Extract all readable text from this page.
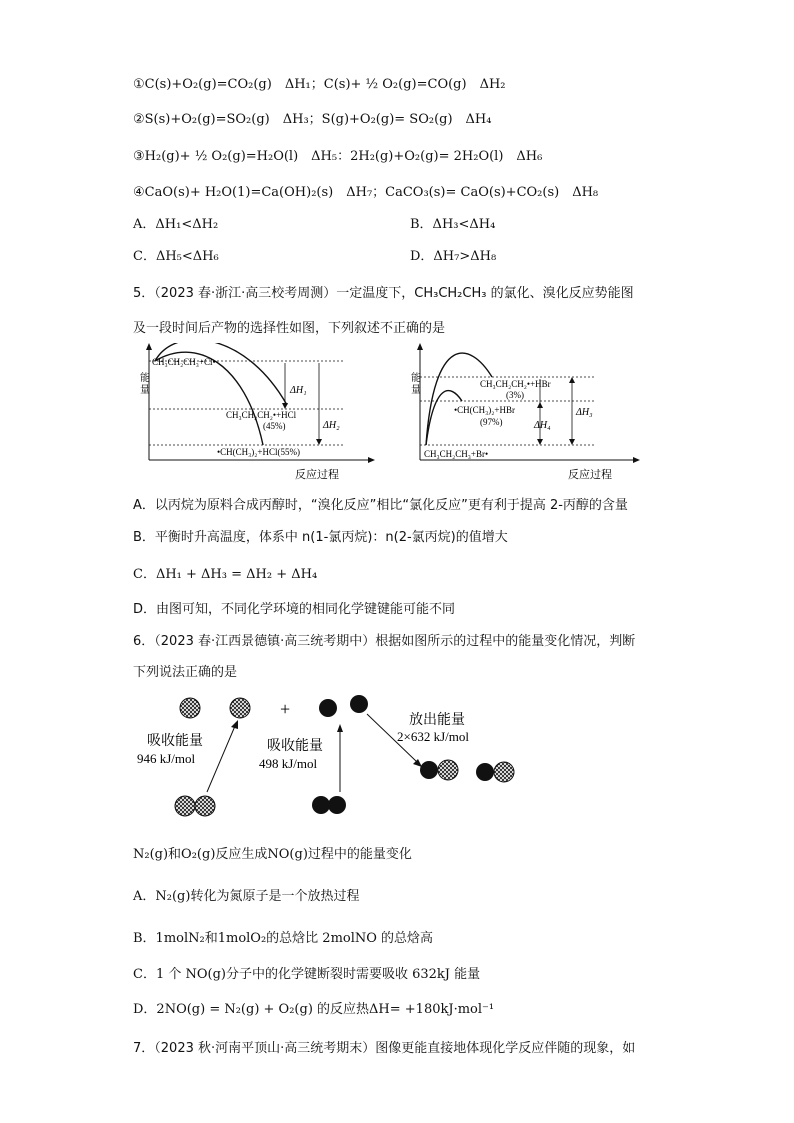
①C(s)+O₂(g)=CO₂(g)　ΔH₁；C(s)+ ½ O₂(g)=CO(g)　ΔH₂
②S(s)+O₂(g)=SO₂(g)　ΔH₃；S(g)+O₂(g)= SO₂(g)　ΔH₄
③H₂(g)+ ½ O₂(g)=H₂O(l)　ΔH₅：2H₂(g)+O₂(g)= 2H₂O(l)　ΔH₆
④CaO(s)+ H₂O(1)=Ca(OH)₂(s)　ΔH₇；CaCO₃(s)= CaO(s)+CO₂(s)　ΔH₈
A．ΔH₁<ΔH₂	B．ΔH₃<ΔH₄
C．ΔH₅<ΔH₆	D．ΔH₇>ΔH₈
5．（2023 春·浙江·高三校考周测）一定温度下，CH₃CH₂CH₃ 的氯化、溴化反应势能图
及一段时间后产物的选择性如图，下列叙述不正确的是
能
量
反应过程
CH₃CH₂CH₃+Cl•
CH₃CH₂CH₂•+HCl
(45%)
•CH(CH₃)₂+HCl(55%)
ΔH₁
ΔH₂
能
量
反应过程
CH₃CH₂CH₂•+HBr
(3%)
•CH(CH₃)₂+HBr
(97%)
CH₃CH₂CH₃+Br•
ΔH₄
ΔH₃
A．以丙烷为原料合成丙醇时，“溴化反应”相比“氯化反应”更有利于提高 2-丙醇的含量
B．平衡时升高温度，体系中 n(1-氯丙烷)：n(2-氯丙烷)的值增大
C．ΔH₁ + ΔH₃ = ΔH₂ + ΔH₄
D．由图可知，不同化学环境的相同化学键键能可能不同
6．（2023 春·江西景德镇·高三统考期中）根据如图所示的过程中的能量变化情况，判断
下列说法正确的是
+
吸收能量
946 kJ/mol
吸收能量
498 kJ/mol
放出能量
2×632 kJ/mol
N₂(g)和O₂(g)反应生成NO(g)过程中的能量变化
A．N₂(g)转化为氮原子是一个放热过程
B．1molN₂和1molO₂的总焓比 2molNO 的总焓高
C．1 个 NO(g)分子中的化学键断裂时需要吸收 632kJ 能量
D．2NO(g) = N₂(g) + O₂(g) 的反应热ΔH= +180kJ·mol⁻¹
7．（2023 秋·河南平顶山·高三统考期末）图像更能直接地体现化学反应伴随的现象，如
